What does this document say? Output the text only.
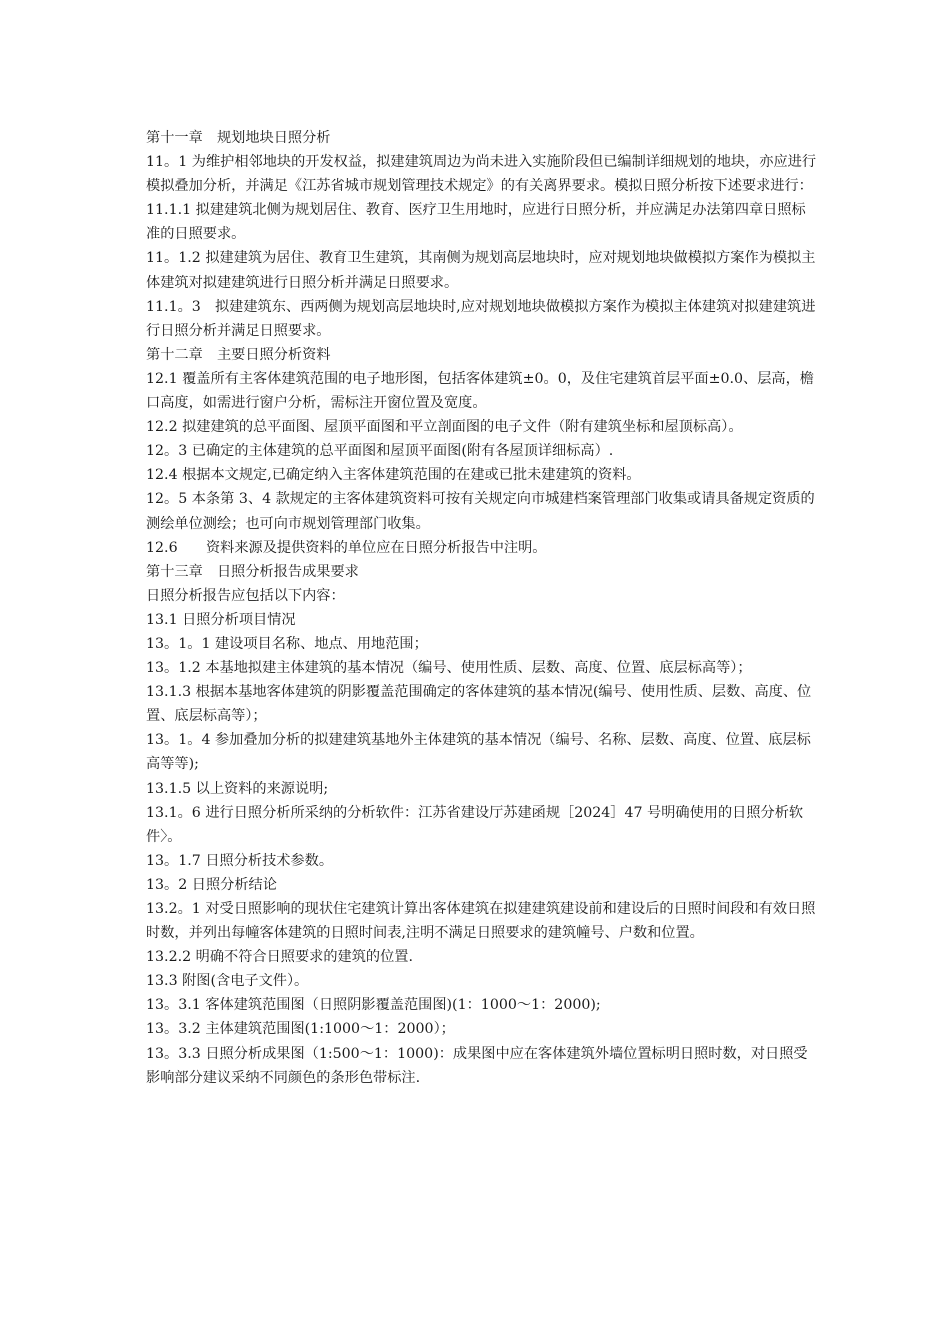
第十一章　规划地块日照分析

11。1 为维护相邻地块的开发权益，拟建建筑周边为尚未进入实施阶段但已编制详细规划的地块，亦应进行模拟叠加分析，并满足《江苏省城市规划管理技术规定》的有关离界要求。模拟日照分析按下述要求进行：

11.1.1 拟建建筑北侧为规划居住、教育、医疗卫生用地时，应进行日照分析，并应满足办法第四章日照标准的日照要求。

11。1.2 拟建建筑为居住、教育卫生建筑，其南侧为规划高层地块时，应对规划地块做模拟方案作为模拟主体建筑对拟建建筑进行日照分析并满足日照要求。

11.1。3　拟建建筑东、西两侧为规划高层地块时,应对规划地块做模拟方案作为模拟主体建筑对拟建建筑进行日照分析并满足日照要求。

第十二章　主要日照分析资料

12.1 覆盖所有主客体建筑范围的电子地形图，包括客体建筑±0。0，及住宅建筑首层平面±0.0、层高，檐口高度，如需进行窗户分析，需标注开窗位置及宽度。

12.2 拟建建筑的总平面图、屋顶平面图和平立剖面图的电子文件（附有建筑坐标和屋顶标高）。

12。3 已确定的主体建筑的总平面图和屋顶平面图(附有各屋顶详细标高）.

12.4 根据本文规定,已确定纳入主客体建筑范围的在建或已批未建建筑的资料。

12。5 本条第 3、4 款规定的主客体建筑资料可按有关规定向市城建档案管理部门收集或请具备规定资质的测绘单位测绘；也可向市规划管理部门收集。

12.6　　资料来源及提供资料的单位应在日照分析报告中注明。

第十三章　日照分析报告成果要求

日照分析报告应包括以下内容：

13.1 日照分析项目情况

13。1。1 建设项目名称、地点、用地范围；

13。1.2 本基地拟建主体建筑的基本情况（编号、使用性质、层数、高度、位置、底层标高等）；

13.1.3 根据本基地客体建筑的阴影覆盖范围确定的客体建筑的基本情况(编号、使用性质、层数、高度、位置、底层标高等）；

13。1。4 参加叠加分析的拟建建筑基地外主体建筑的基本情况（编号、名称、层数、高度、位置、底层标高等等);

13.1.5 以上资料的来源说明;

13.1。6 进行日照分析所采纳的分析软件：江苏省建设厅苏建函规［2024］47 号明确使用的日照分析软件〉。

13。1.7 日照分析技术参数。

13。2 日照分析结论

13.2。1 对受日照影响的现状住宅建筑计算出客体建筑在拟建建筑建设前和建设后的日照时间段和有效日照时数，并列出每幢客体建筑的日照时间表,注明不满足日照要求的建筑幢号、户数和位置。

13.2.2 明确不符合日照要求的建筑的位置.

13.3 附图(含电子文件）。

13。3.1 客体建筑范围图（日照阴影覆盖范围图)(1：1000～1：2000);

13。3.2 主体建筑范围图(1:1000～1：2000）；

13。3.3 日照分析成果图（1:500～1：1000)：成果图中应在客体建筑外墙位置标明日照时数，对日照受影响部分建议采纳不同颜色的条形色带标注.
